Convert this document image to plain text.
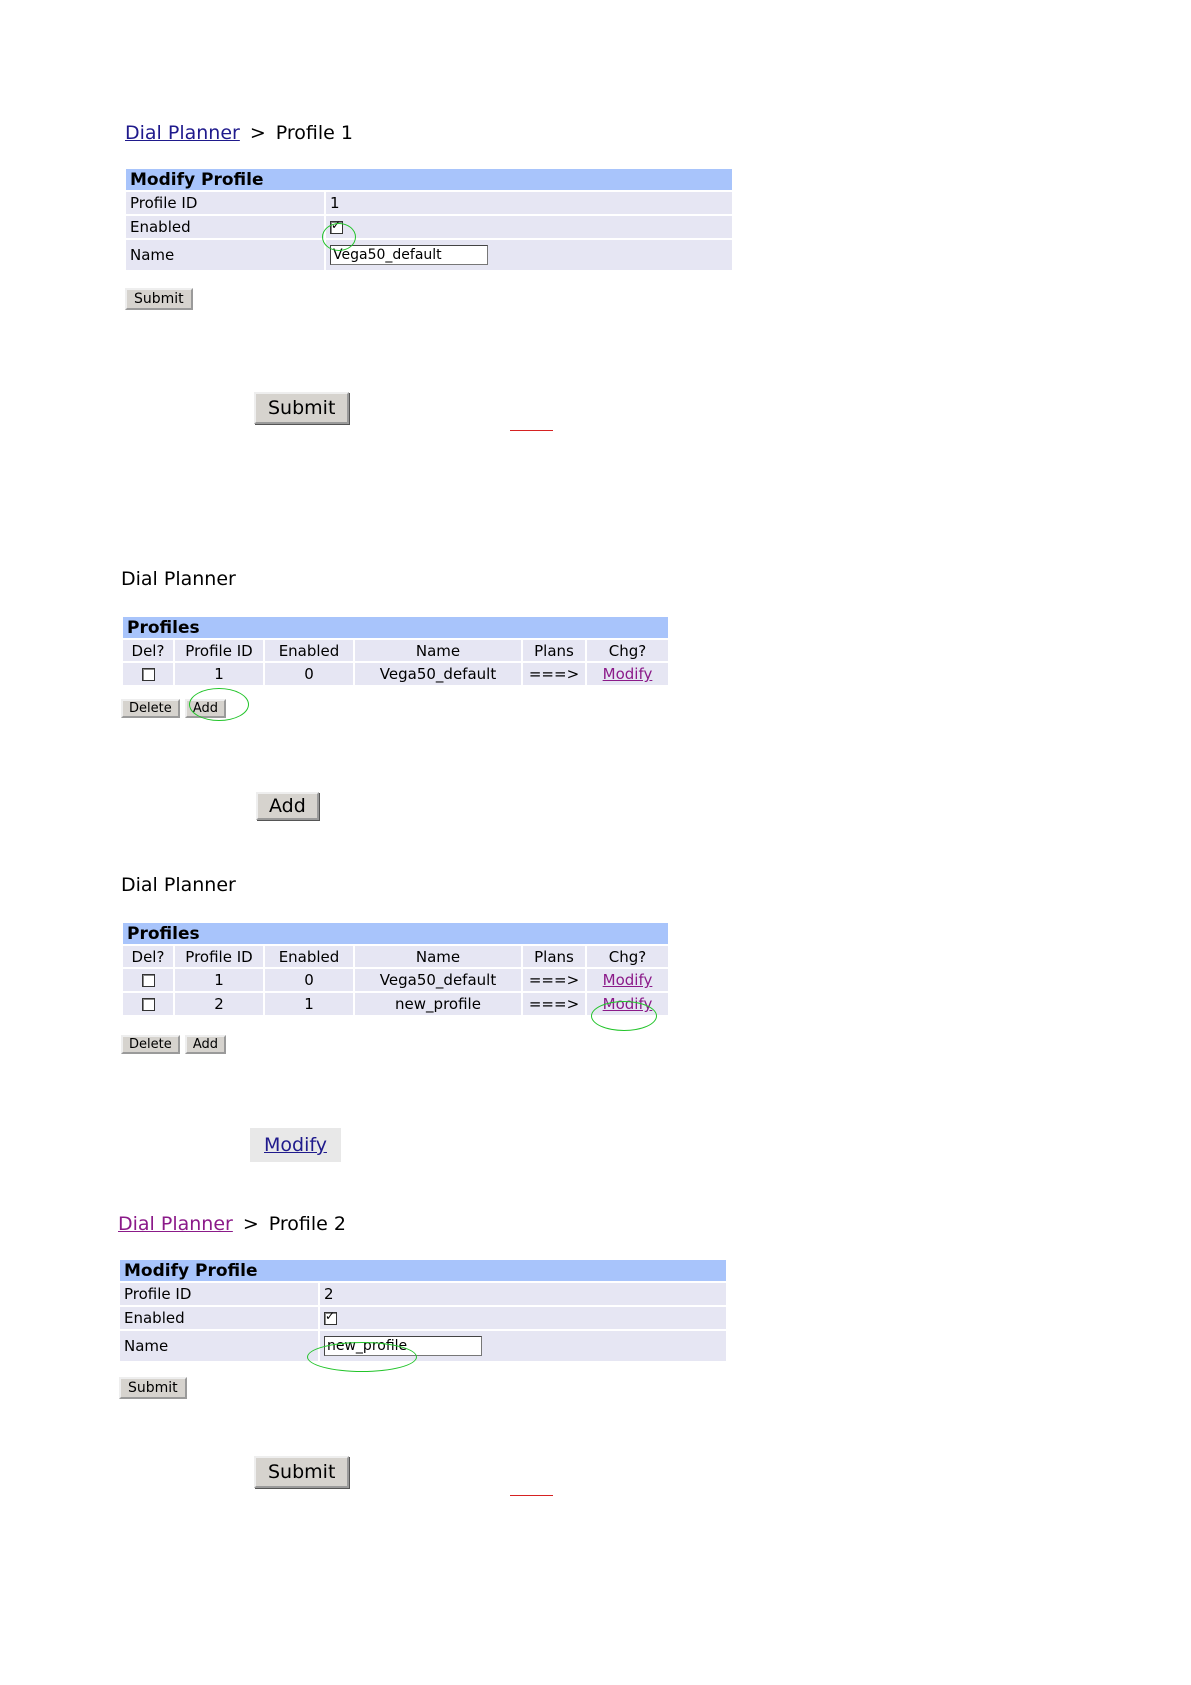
Dial Planner > Profile 1
Modify Profile	
Profile ID	1
Enabled	✓
Name	Vega50_default
Submit
Submit
Dial Planner
Profiles					
Del?	Profile ID	Enabled	Name	Plans	Chg?
	1	0	Vega50_default	===>	Modify
Delete Add
Add
Dial Planner
Profiles					
Del?	Profile ID	Enabled	Name	Plans	Chg?
	1	0	Vega50_default	===>	Modify
	2	1	new_profile	===>	Modify
Delete Add
Modify
Dial Planner > Profile 2
Modify Profile	
Profile ID	2
Enabled	✓
Name	new_profile
Submit
Submit
